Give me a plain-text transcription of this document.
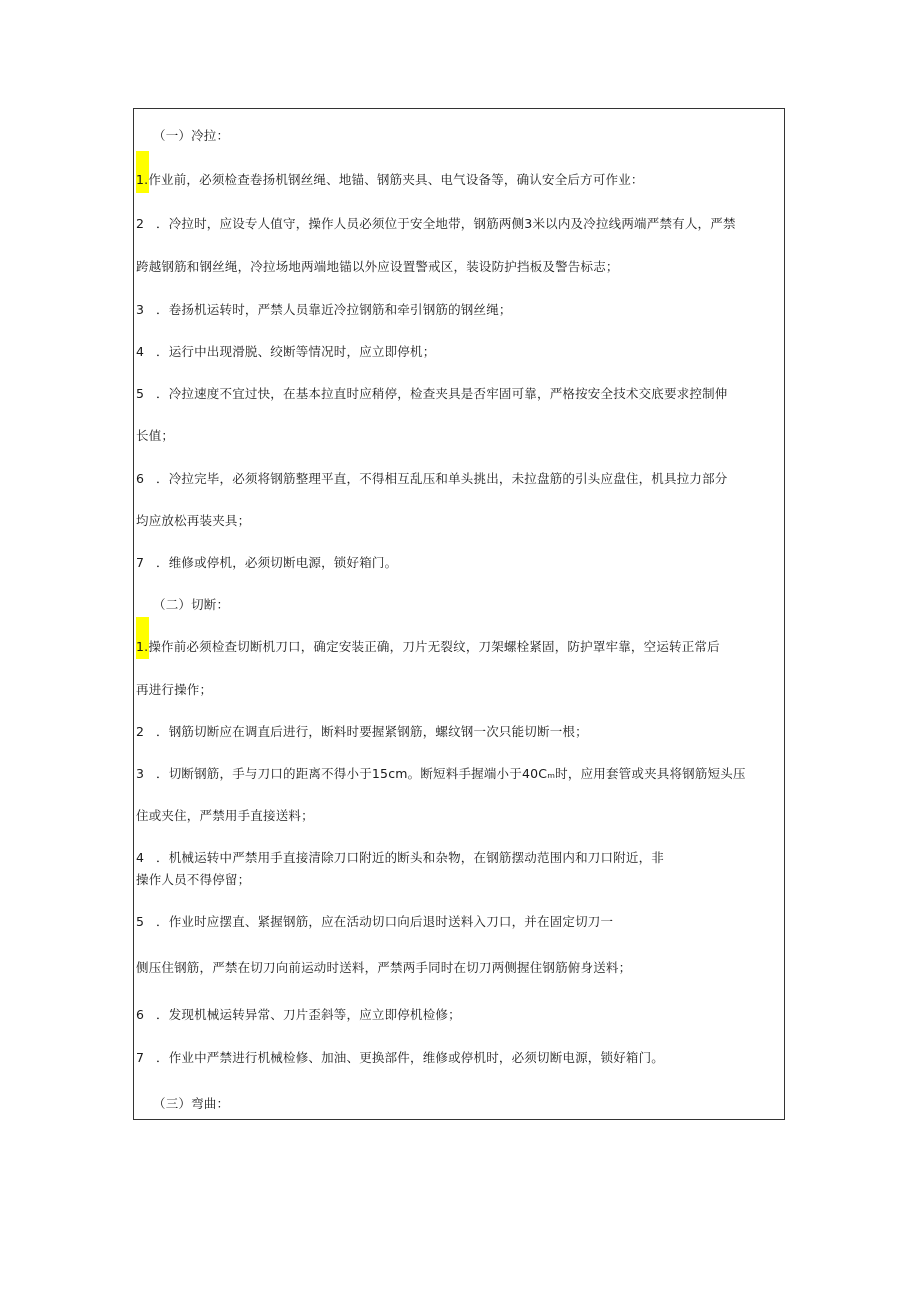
（一）冷拉：
1.作业前，必须检查卷扬机钢丝绳、地锚、钢筋夹具、电气设备等，确认安全后方可作业：
2 ．冷拉时，应设专人值守，操作人员必须位于安全地带，钢筋两侧3米以内及冷拉线两端严禁有人，严禁
跨越钢筋和钢丝绳，冷拉场地两端地锚以外应设置警戒区，装设防护挡板及警告标志；
3 ．卷扬机运转时，严禁人员靠近冷拉钢筋和牵引钢筋的钢丝绳；
4 ．运行中出现滑脱、绞断等情况时，应立即停机；
5 ．冷拉速度不宜过快，在基本拉直时应稍停，检查夹具是否牢固可靠，严格按安全技术交底要求控制伸
长值；
6 ．冷拉完毕，必须将钢筋整理平直，不得相互乱压和单头挑出，未拉盘筋的引头应盘住，机具拉力部分
均应放松再装夹具；
7 ．维修或停机，必须切断电源，锁好箱门。
（二）切断：
1.操作前必须检查切断机刀口，确定安装正确，刀片无裂纹，刀架螺栓紧固，防护罩牢靠，空运转正常后
再进行操作；
2 ．钢筋切断应在调直后进行，断料时要握紧钢筋，螺纹钢一次只能切断一根；
3 ．切断钢筋，手与刀口的距离不得小于15cm。断短料手握端小于40Cₘ时，应用套管或夹具将钢筋短头压
住或夹住，严禁用手直接送料；
4 ．机械运转中严禁用手直接清除刀口附近的断头和杂物，在钢筋摆动范围内和刀口附近，非
操作人员不得停留；
5 ．作业时应摆直、紧握钢筋，应在活动切口向后退时送料入刀口，并在固定切刀一
侧压住钢筋，严禁在切刀向前运动时送料，严禁两手同时在切刀两侧握住钢筋俯身送料；
6 ．发现机械运转异常、刀片歪斜等，应立即停机检修；
7 ．作业中严禁进行机械检修、加油、更换部件，维修或停机时，必须切断电源，锁好箱门。
（三）弯曲：
